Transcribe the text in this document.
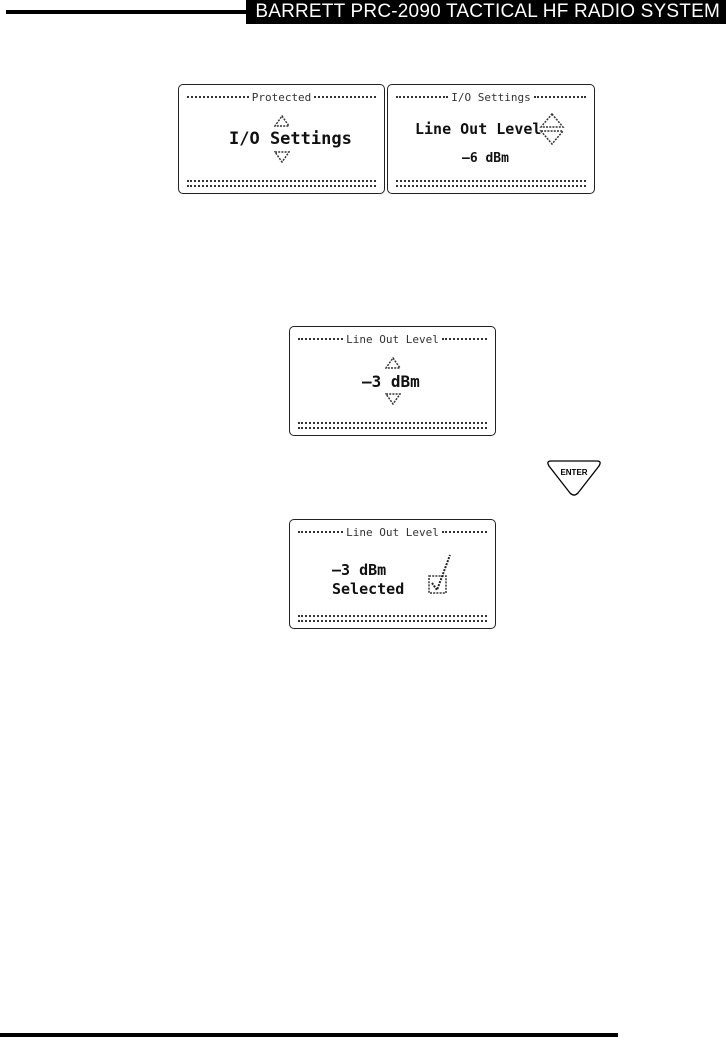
BARRETT PRC-2090 TACTICAL HF RADIO SYSTEM
Protected
I/O Settings
I/O Settings
Line Out Level
–6 dBm
Line Out Level
–3 dBm
ENTER
Line Out Level
–3 dBm
Selected
